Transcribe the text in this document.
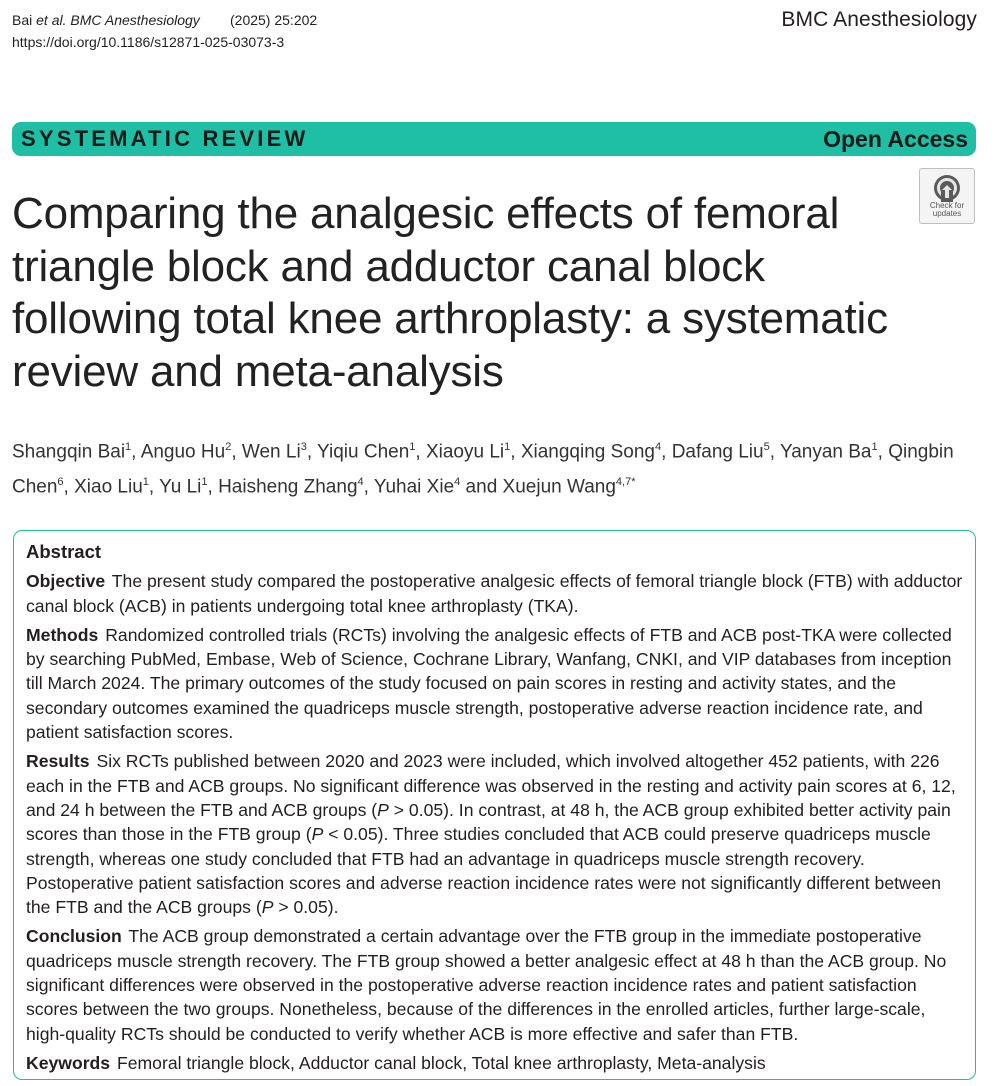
Bai et al. BMC Anesthesiology (2025) 25:202
https://doi.org/10.1186/s12871-025-03073-3
BMC Anesthesiology
SYSTEMATIC REVIEW	Open Access
Check for
updates
Comparing the analgesic effects of femoral triangle block and adductor canal block following total knee arthroplasty: a systematic review and meta-analysis
Shangqin Bai$^1$, Anguo Hu$^2$, Wen Li$^3$, Yiqiu Chen$^1$, Xiaoyu Li$^1$, Xiangqing Song$^4$, Dafang Liu$^5$, Yanyan Ba$^1$, Qingbin Chen$^6$, Xiao Liu$^1$, Yu Li$^1$, Haisheng Zhang$^4$, Yuhai Xie$^4$ and Xuejun Wang$^{4,7*}$
Abstract

Objective The present study compared the postoperative analgesic effects of femoral triangle block (FTB) with adductor canal block (ACB) in patients undergoing total knee arthroplasty (TKA).

Methods Randomized controlled trials (RCTs) involving the analgesic effects of FTB and ACB post-TKA were collected by searching PubMed, Embase, Web of Science, Cochrane Library, Wanfang, CNKI, and VIP databases from inception till March 2024. The primary outcomes of the study focused on pain scores in resting and activity states, and the secondary outcomes examined the quadriceps muscle strength, postoperative adverse reaction incidence rate, and patient satisfaction scores.

Results Six RCTs published between 2020 and 2023 were included, which involved altogether 452 patients, with 226 each in the FTB and ACB groups. No significant difference was observed in the resting and activity pain scores at 6, 12, and 24 h between the FTB and ACB groups (P > 0.05). In contrast, at 48 h, the ACB group exhibited better activity pain scores than those in the FTB group (P < 0.05). Three studies concluded that ACB could preserve quadriceps muscle strength, whereas one study concluded that FTB had an advantage in quadriceps muscle strength recovery. Postoperative patient satisfaction scores and adverse reaction incidence rates were not significantly different between the FTB and the ACB groups (P > 0.05).

Conclusion The ACB group demonstrated a certain advantage over the FTB group in the immediate postoperative quadriceps muscle strength recovery. The FTB group showed a better analgesic effect at 48 h than the ACB group. No significant differences were observed in the postoperative adverse reaction incidence rates and patient satisfaction scores between the two groups. Nonetheless, because of the differences in the enrolled articles, further large-scale, high-quality RCTs should be conducted to verify whether ACB is more effective and safer than FTB.

Keywords Femoral triangle block, Adductor canal block, Total knee arthroplasty, Meta-analysis
